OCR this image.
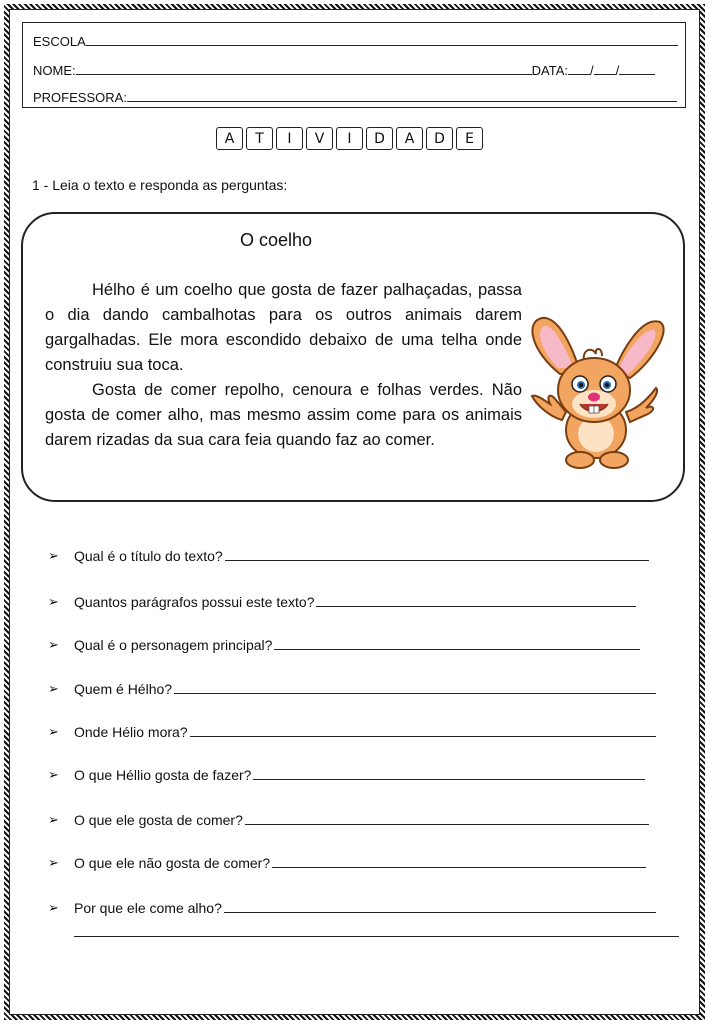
ESCOLA
NOME:	DATA: / /
PROFESSORA:
A	T	I	V	I	D	A	D	E
1 - Leia o texto e responda as perguntas:
O coelho

Hélho é um coelho que gosta de fazer palhaçadas, passa o dia dando cambalhotas para os outros animais darem gargalhadas. Ele mora escondido debaixo de uma telha onde construiu sua toca.

Gosta de comer repolho, cenoura e folhas verdes. Não gosta de comer alho, mas mesmo assim come para os animais darem rizadas da sua cara feia quando faz ao comer.

➢	Qual é o título do texto?
➢	Quantos parágrafos possui este texto?
➢	Qual é o personagem principal?
➢	Quem é Hélho?
➢	Onde Hélio mora?
➢	O que Héllio gosta de fazer?
➢	O que ele gosta de comer?
➢	O que ele não gosta de comer?
➢	Por que ele come alho?
